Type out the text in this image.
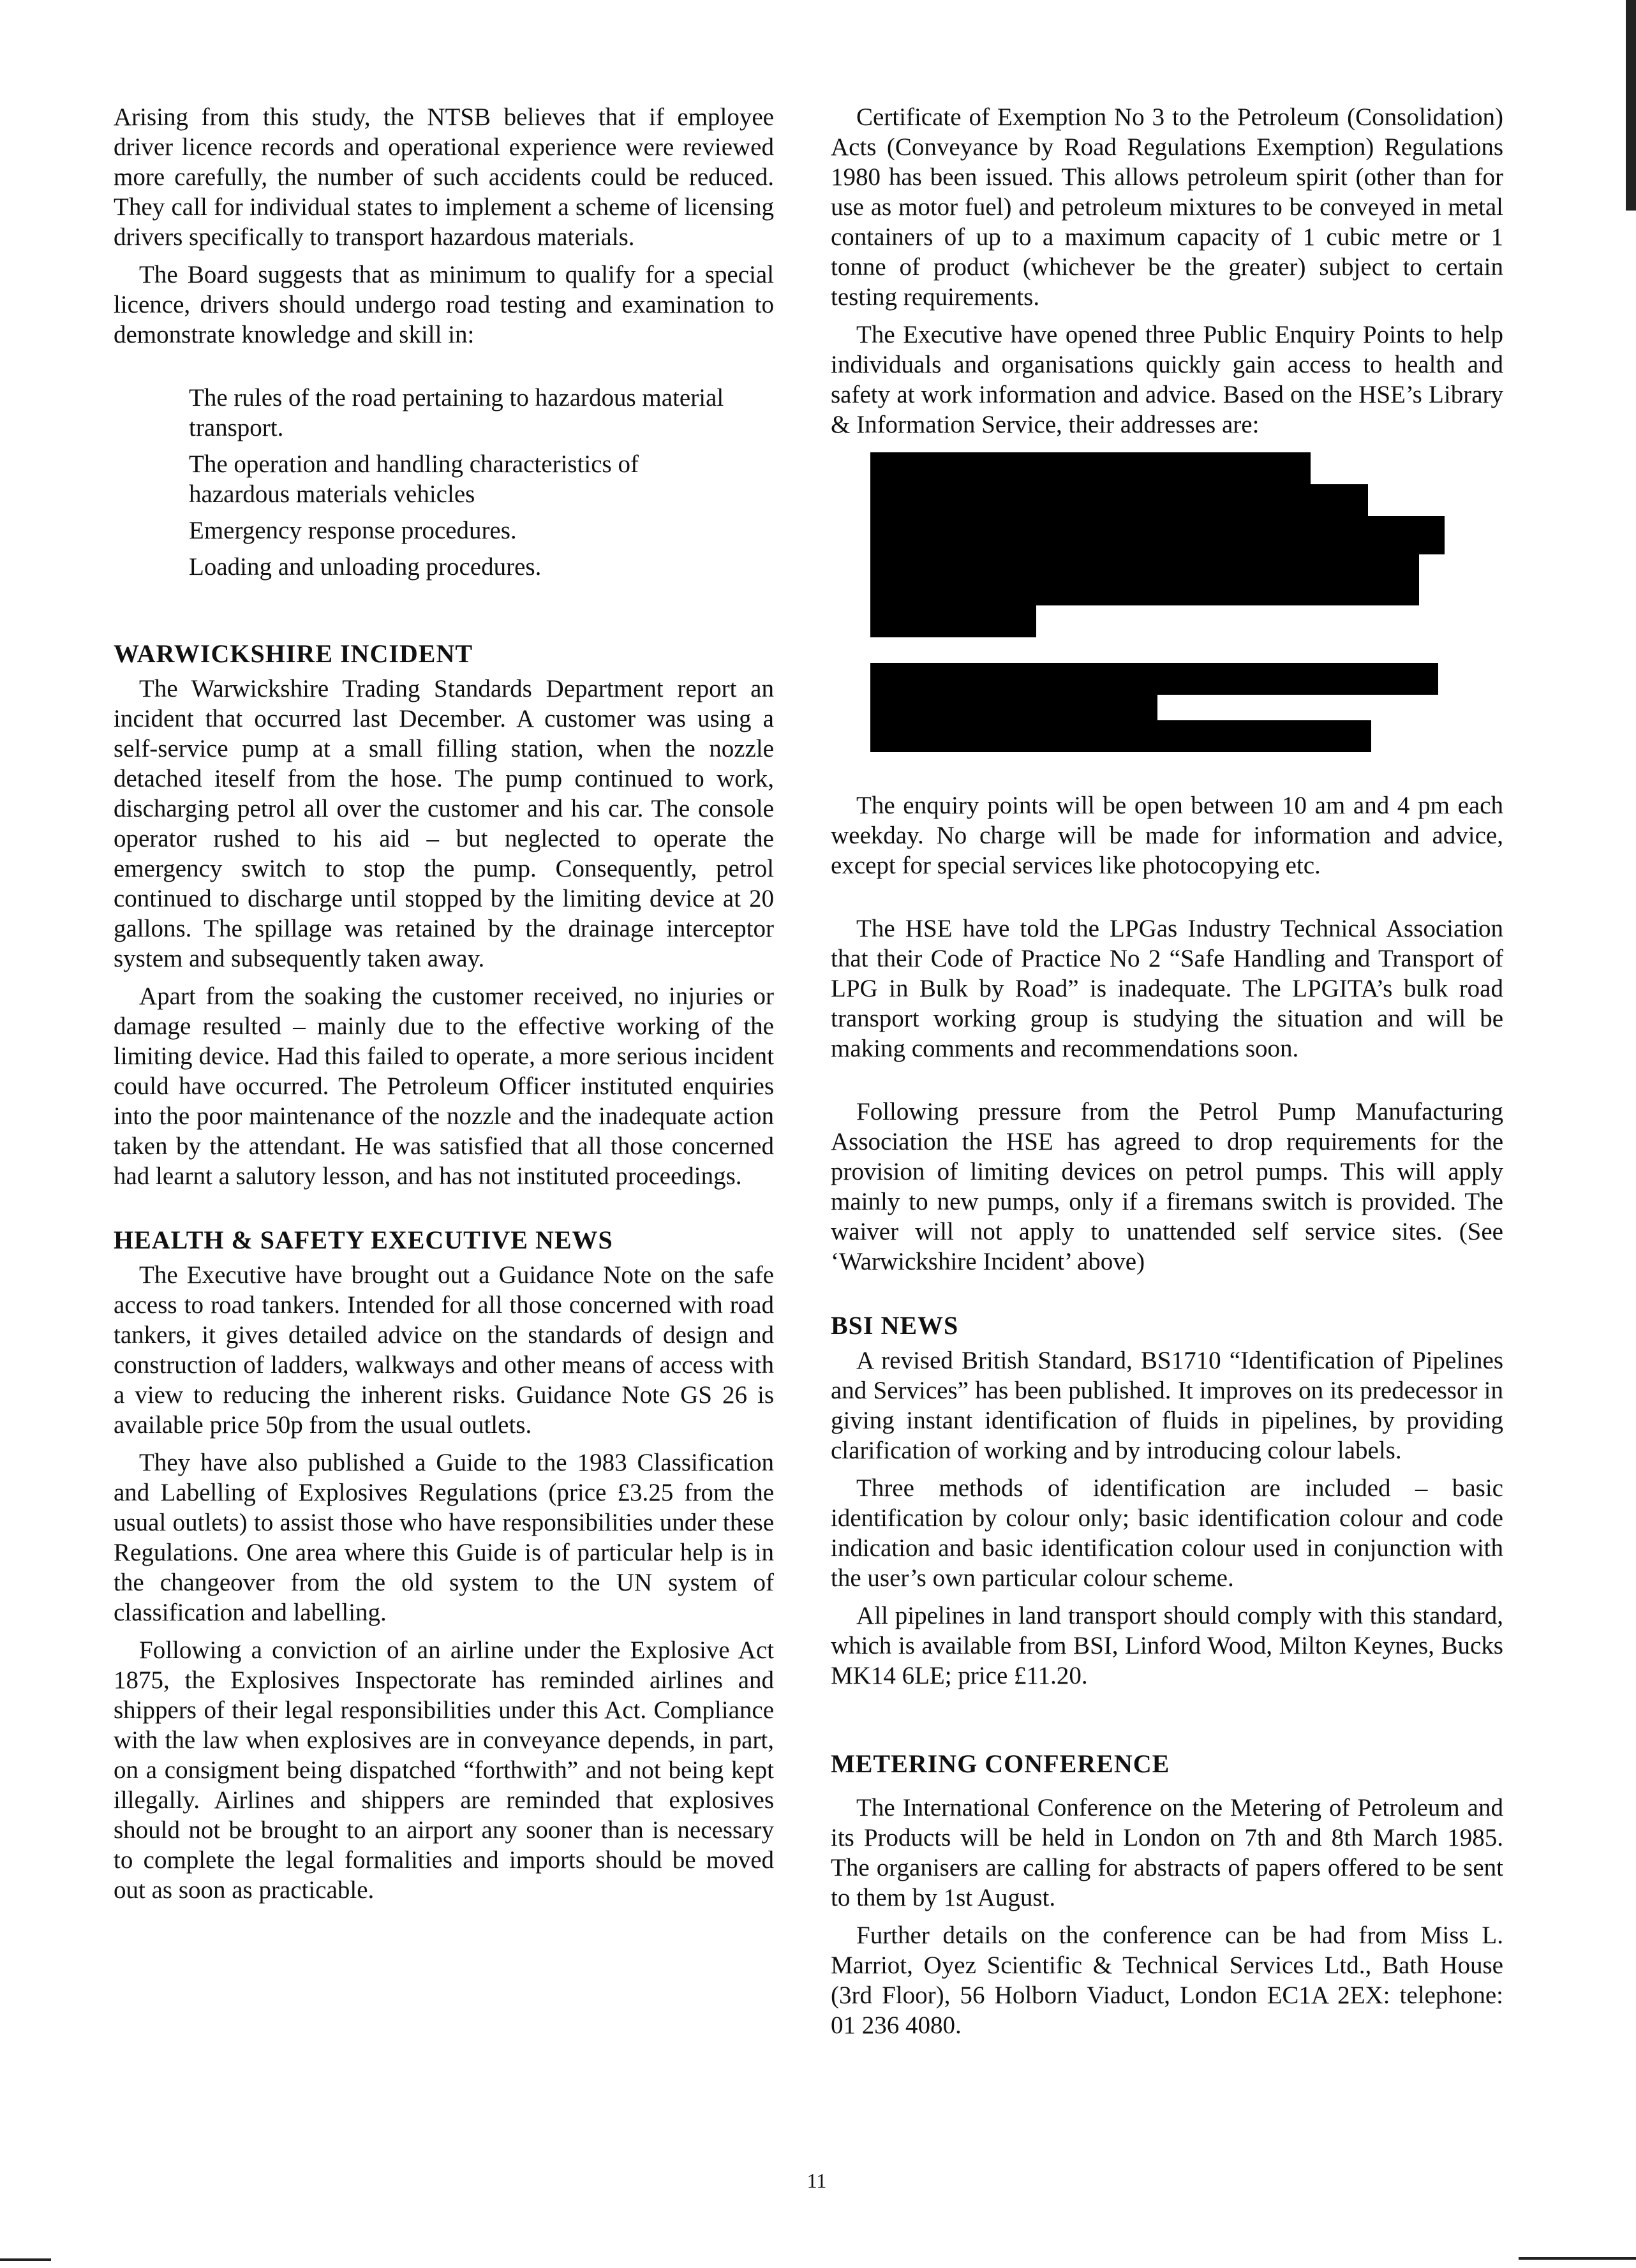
Arising from this study, the NTSB believes that if employee driver licence records and operational experience were reviewed more carefully, the number of such accidents could be reduced. They call for individual states to implement a scheme of licensing drivers specifically to transport hazardous materials.

The Board suggests that as minimum to qualify for a special licence, drivers should undergo road testing and examination to demonstrate knowledge and skill in:

The rules of the road pertaining to hazardous material transport.
The operation and handling characteristics of hazardous materials vehicles
Emergency response procedures.
Loading and unloading procedures.
WARWICKSHIRE INCIDENT

The Warwickshire Trading Standards Department report an incident that occurred last December. A customer was using a self-service pump at a small filling station, when the nozzle detached iteself from the hose. The pump continued to work, discharging petrol all over the customer and his car. The console operator rushed to his aid – but neglected to operate the emergency switch to stop the pump. Consequently, petrol continued to discharge until stopped by the limiting device at 20 gallons. The spillage was retained by the drainage interceptor system and subsequently taken away.

Apart from the soaking the customer received, no injuries or damage resulted – mainly due to the effective working of the limiting device. Had this failed to operate, a more serious incident could have occurred. The Petroleum Officer instituted enquiries into the poor maintenance of the nozzle and the inadequate action taken by the attendant. He was satisfied that all those concerned had learnt a salutory lesson, and has not instituted proceedings.

HEALTH & SAFETY EXECUTIVE NEWS

The Executive have brought out a Guidance Note on the safe access to road tankers. Intended for all those concerned with road tankers, it gives detailed advice on the standards of design and construction of ladders, walkways and other means of access with a view to reducing the inherent risks. Guidance Note GS 26 is available price 50p from the usual outlets.

They have also published a Guide to the 1983 Classification and Labelling of Explosives Regulations (price £3.25 from the usual outlets) to assist those who have responsibilities under these Regulations. One area where this Guide is of particular help is in the changeover from the old system to the UN system of classification and labelling.

Following a conviction of an airline under the Explosive Act 1875, the Explosives Inspectorate has reminded airlines and shippers of their legal responsibilities under this Act. Compliance with the law when explosives are in conveyance depends, in part, on a consigment being dispatched “forthwith” and not being kept illegally. Airlines and shippers are reminded that explosives should not be brought to an airport any sooner than is necessary to complete the legal formalities and imports should be moved out as soon as practicable.

Certificate of Exemption No 3 to the Petroleum (Consolidation) Acts (Conveyance by Road Regulations Exemption) Regulations 1980 has been issued. This allows petroleum spirit (other than for use as motor fuel) and petroleum mixtures to be conveyed in metal containers of up to a maximum capacity of 1 cubic metre or 1 tonne of product (whichever be the greater) subject to certain testing requirements.

The Executive have opened three Public Enquiry Points to help individuals and organisations quickly gain access to health and safety at work information and advice. Based on the HSE’s Library & Information Service, their addresses are:

The enquiry points will be open between 10 am and 4 pm each weekday. No charge will be made for information and advice, except for special services like photocopying etc.

The HSE have told the LPGas Industry Technical Association that their Code of Practice No 2 “Safe Handling and Transport of LPG in Bulk by Road” is inadequate. The LPGITA’s bulk road transport working group is studying the situation and will be making comments and recommendations soon.

Following pressure from the Petrol Pump Manufacturing Association the HSE has agreed to drop requirements for the provision of limiting devices on petrol pumps. This will apply mainly to new pumps, only if a firemans switch is provided. The waiver will not apply to unattended self service sites. (See ‘Warwickshire Incident’ above)

BSI NEWS

A revised British Standard, BS1710 “Identification of Pipelines and Services” has been published. It improves on its predecessor in giving instant identification of fluids in pipelines, by providing clarification of working and by introducing colour labels.

Three methods of identification are included – basic identification by colour only; basic identification colour and code indication and basic identification colour used in conjunction with the user’s own particular colour scheme.

All pipelines in land transport should comply with this standard, which is available from BSI, Linford Wood, Milton Keynes, Bucks MK14 6LE; price £11.20.

METERING CONFERENCE

The International Conference on the Metering of Petroleum and its Products will be held in London on 7th and 8th March 1985. The organisers are calling for abstracts of papers offered to be sent to them by 1st August.

Further details on the conference can be had from Miss L. Marriot, Oyez Scientific & Technical Services Ltd., Bath House (3rd Floor), 56 Holborn Viaduct, London EC1A 2EX: telephone: 01 236 4080.

11
